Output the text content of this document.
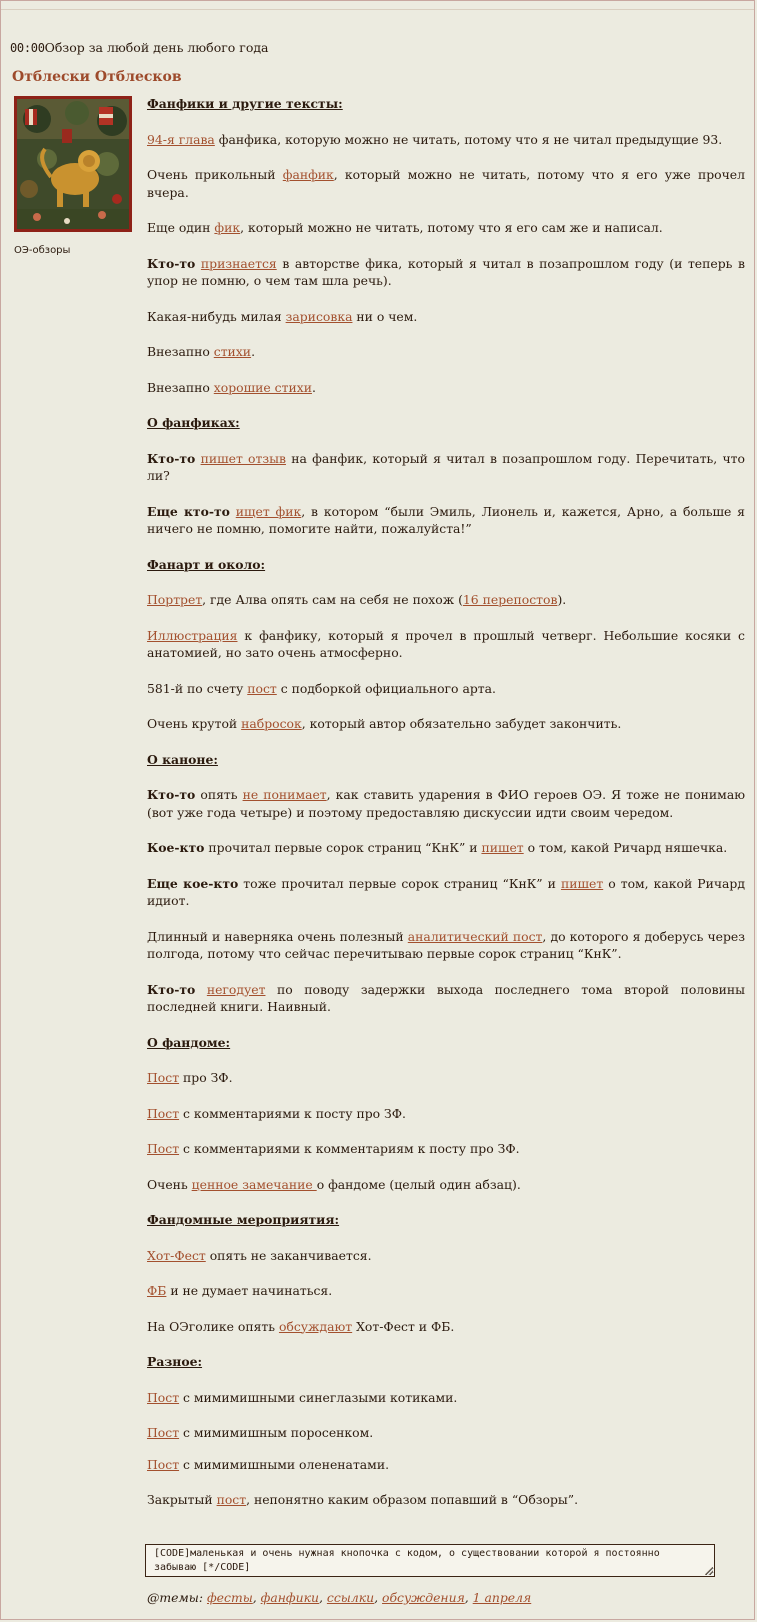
00:00Обзор за любой день любого года
Отблески Отблесков
ОЭ-обзоры

Фанфики и другие тексты:

94-я глава фанфика, которую можно не читать, потому что я не читал предыдущие 93.

Очень прикольный фанфик, который можно не читать, потому что я его уже прочел вчера.

Еще один фик, который можно не читать, потому что я его сам же и написал.

Кто-то признается в авторстве фика, который я читал в позапрошлом году (и теперь в упор не помню, о чем там шла речь).

Какая-нибудь милая зарисовка ни о чем.

Внезапно стихи.

Внезапно хорошие стихи.

О фанфиках:

Кто-то пишет отзыв на фанфик, который я читал в позапрошлом году. Перечитать, что ли?

Еще кто-то ищет фик, в котором “были Эмиль, Лионель и, кажется, Арно, а больше я ничего не помню, помогите найти, пожалуйста!”

Фанарт и около:

Портрет, где Алва опять сам на себя не похож (16 перепостов).

Иллюстрация к фанфику, который я прочел в прошлый четверг. Небольшие косяки с анатомией, но зато очень атмосферно.

581-й по счету пост с подборкой официального арта.

Очень крутой набросок, который автор обязательно забудет закончить.

О каноне:

Кто-то опять не понимает, как ставить ударения в ФИО героев ОЭ. Я тоже не понимаю (вот уже года четыре) и поэтому предоставляю дискуссии идти своим чередом.

Кое-кто прочитал первые сорок страниц “КнК” и пишет о том, какой Ричард няшечка.

Еще кое-кто тоже прочитал первые сорок страниц “КнК” и пишет о том, какой Ричард идиот.

Длинный и наверняка очень полезный аналитический пост, до которого я доберусь через полгода, потому что сейчас перечитываю первые сорок страниц “КнК”.

Кто-то негодует по поводу задержки выхода последнего тома второй половины последней книги. Наивный.

О фандоме:

Пост про ЗФ.

Пост с комментариями к посту про ЗФ.

Пост с комментариями к комментариям к посту про ЗФ.

Очень ценное замечание о фандоме (целый один абзац).

Фандомные мероприятия:

Хот-Фест опять не заканчивается.

ФБ и не думает начинаться.

На ОЭголике опять обсуждают Хот-Фест и ФБ.

Разное:

Пост с мимимишными синеглазыми котиками.

Пост с мимимишным поросенком.

Пост с мимимишными олененатами.

Закрытый пост, непонятно каким образом попавший в “Обзоры”.

[CODE]маленькая и очень нужная кнопочка с кодом, о существовании которой я постоянно забываю [*/CODE]
@темы: фесты, фанфики, ссылки, обсуждения, 1 апреля
